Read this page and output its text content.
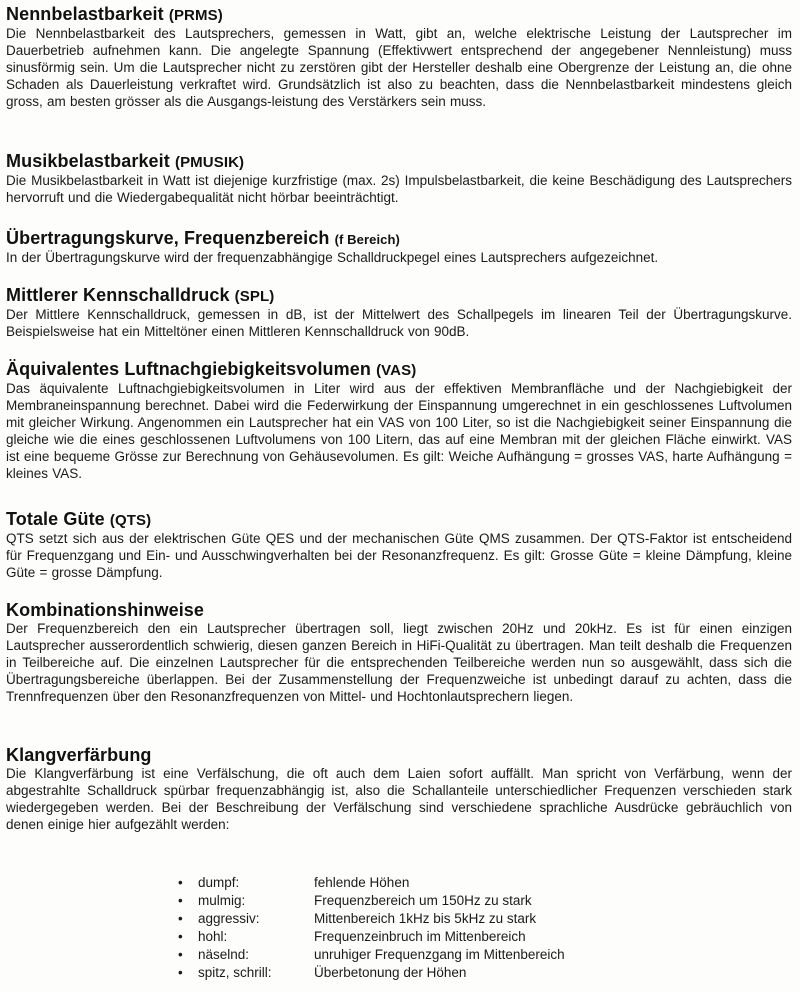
Nennbelastbarkeit (PRMS)
Die Nennbelastbarkeit des Lautsprechers, gemessen in Watt, gibt an, welche elektrische Leistung der Lautsprecher im Dauerbetrieb aufnehmen kann. Die angelegte Spannung (Effektivwert entsprechend der angegebener Nennleistung) muss sinusförmig sein. Um die Lautsprecher nicht zu zerstören gibt der Hersteller deshalb eine Obergrenze der Leistung an, die ohne Schaden als Dauerleistung verkraftet wird. Grundsätzlich ist also zu beachten, dass die Nennbelastbarkeit mindestens gleich gross, am besten grösser als die Ausgangs-leistung des Verstärkers sein muss.
Musikbelastbarkeit (PMUSIK)
Die Musikbelastbarkeit in Watt ist diejenige kurzfristige (max. 2s) Impulsbelastbarkeit, die keine Beschädigung des Lautsprechers hervorruft und die Wiedergabequalität nicht hörbar beeinträchtigt.
Übertragungskurve, Frequenzbereich (f Bereich)
In der Übertragungskurve wird der frequenzabhängige Schalldruckpegel eines Lautsprechers aufgezeichnet.
Mittlerer Kennschalldruck (SPL)
Der Mittlere Kennschalldruck, gemessen in dB, ist der Mittelwert des Schallpegels im linearen Teil der Übertragungskurve. Beispielsweise hat ein Mitteltöner einen Mittleren Kennschalldruck von 90dB.
Äquivalentes Luftnachgiebigkeitsvolumen (VAS)
Das äquivalente Luftnachgiebigkeitsvolumen in Liter wird aus der effektiven Membranfläche und der Nachgiebigkeit der Membraneinspannung berechnet. Dabei wird die Federwirkung der Einspannung umgerechnet in ein geschlossenes Luftvolumen mit gleicher Wirkung. Angenommen ein Lautsprecher hat ein VAS von 100 Liter, so ist die Nachgiebigkeit seiner Einspannung die gleiche wie die eines geschlossenen Luftvolumens von 100 Litern, das auf eine Membran mit der gleichen Fläche einwirkt. VAS ist eine bequeme Grösse zur Berechnung von Gehäusevolumen. Es gilt: Weiche Aufhängung = grosses VAS, harte Aufhängung = kleines VAS.
Totale Güte (QTS)
QTS setzt sich aus der elektrischen Güte QES und der mechanischen Güte QMS zusammen. Der QTS-Faktor ist entscheidend für Frequenzgang und Ein- und Ausschwingverhalten bei der Resonanzfrequenz. Es gilt: Grosse Güte = kleine Dämpfung, kleine Güte = grosse Dämpfung.
Kombinationshinweise
Der Frequenzbereich den ein Lautsprecher übertragen soll, liegt zwischen 20Hz und 20kHz. Es ist für einen einzigen Lautsprecher ausserordentlich schwierig, diesen ganzen Bereich in HiFi-Qualität zu übertragen. Man teilt deshalb die Frequenzen in Teilbereiche auf. Die einzelnen Lautsprecher für die entsprechenden Teilbereiche werden nun so ausgewählt, dass sich die Übertragungsbereiche überlappen. Bei der Zusammenstellung der Frequenzweiche ist unbedingt darauf zu achten, dass die Trennfrequenzen über den Resonanzfrequenzen von Mittel- und Hochtonlautsprechern liegen.
Klangverfärbung
Die Klangverfärbung ist eine Verfälschung, die oft auch dem Laien sofort auffällt. Man spricht von Verfärbung, wenn der abgestrahlte Schalldruck spürbar frequenzabhängig ist, also die Schallanteile unterschiedlicher Frequenzen verschieden stark wiedergegeben werden. Bei der Beschreibung der Verfälschung sind verschiedene sprachliche Ausdrücke gebräuchlich von denen einige hier aufgezählt werden:
•	dumpf:	fehlende Höhen
•	mulmig:	Frequenzbereich um 150Hz zu stark
•	aggressiv:	Mittenbereich 1kHz bis 5kHz zu stark
•	hohl:	Frequenzeinbruch im Mittenbereich
•	näselnd:	unruhiger Frequenzgang im Mittenbereich
•	spitz, schrill:	Überbetonung der Höhen
